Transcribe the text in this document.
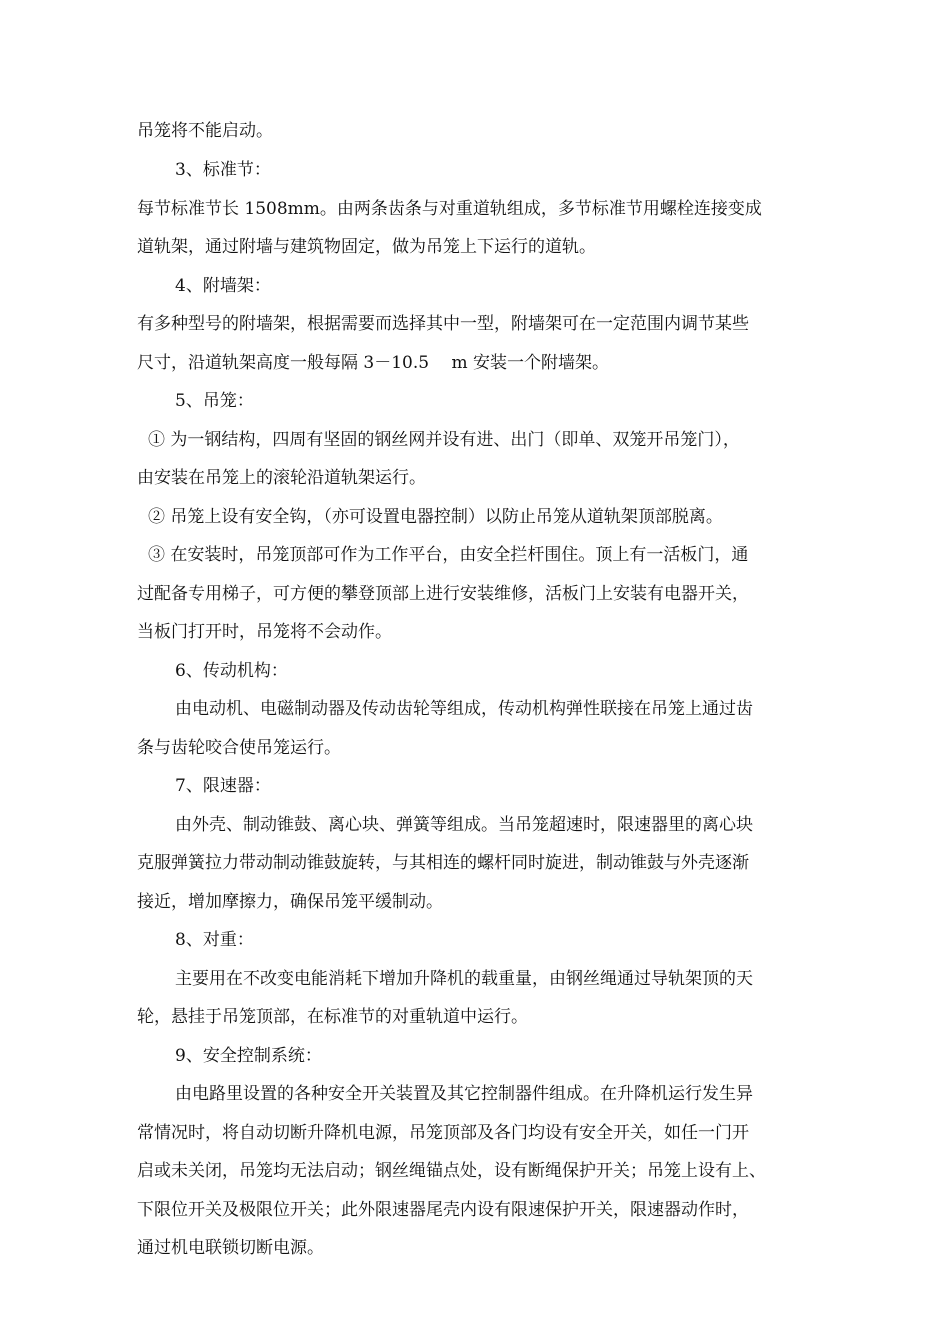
吊笼将不能启动。
3、标准节：
每节标准节长 1508mm。由两条齿条与对重道轨组成，多节标准节用螺栓连接变成
道轨架，通过附墙与建筑物固定，做为吊笼上下运行的道轨。
4、附墙架：
有多种型号的附墙架，根据需要而选择其中一型，附墙架可在一定范围内调节某些
尺寸，沿道轨架高度一般每隔 3－10.5　 m 安装一个附墙架。
5、吊笼：
① 为一钢结构，四周有坚固的钢丝网并设有进、出门（即单、双笼开吊笼门），
由安装在吊笼上的滚轮沿道轨架运行。
② 吊笼上设有安全钩，（亦可设置电器控制）以防止吊笼从道轨架顶部脱离。
③ 在安装时，吊笼顶部可作为工作平台，由安全拦杆围住。顶上有一活板门，通
过配备专用梯子，可方便的攀登顶部上进行安装维修，活板门上安装有电器开关，
当板门打开时，吊笼将不会动作。
6、传动机构：
由电动机、电磁制动器及传动齿轮等组成，传动机构弹性联接在吊笼上通过齿
条与齿轮咬合使吊笼运行。
7、限速器：
由外壳、制动锥鼓、离心块、弹簧等组成。当吊笼超速时，限速器里的离心块
克服弹簧拉力带动制动锥鼓旋转，与其相连的螺杆同时旋进，制动锥鼓与外壳逐渐
接近，增加摩擦力，确保吊笼平缓制动。
8、对重：
主要用在不改变电能消耗下增加升降机的载重量，由钢丝绳通过导轨架顶的天
轮，悬挂于吊笼顶部，在标准节的对重轨道中运行。
9、安全控制系统：
由电路里设置的各种安全开关装置及其它控制器件组成。在升降机运行发生异
常情况时，将自动切断升降机电源，吊笼顶部及各门均设有安全开关，如任一门开
启或未关闭，吊笼均无法启动；钢丝绳锚点处，设有断绳保护开关；吊笼上设有上、
下限位开关及极限位开关；此外限速器尾壳内设有限速保护开关，限速器动作时，
通过机电联锁切断电源。
